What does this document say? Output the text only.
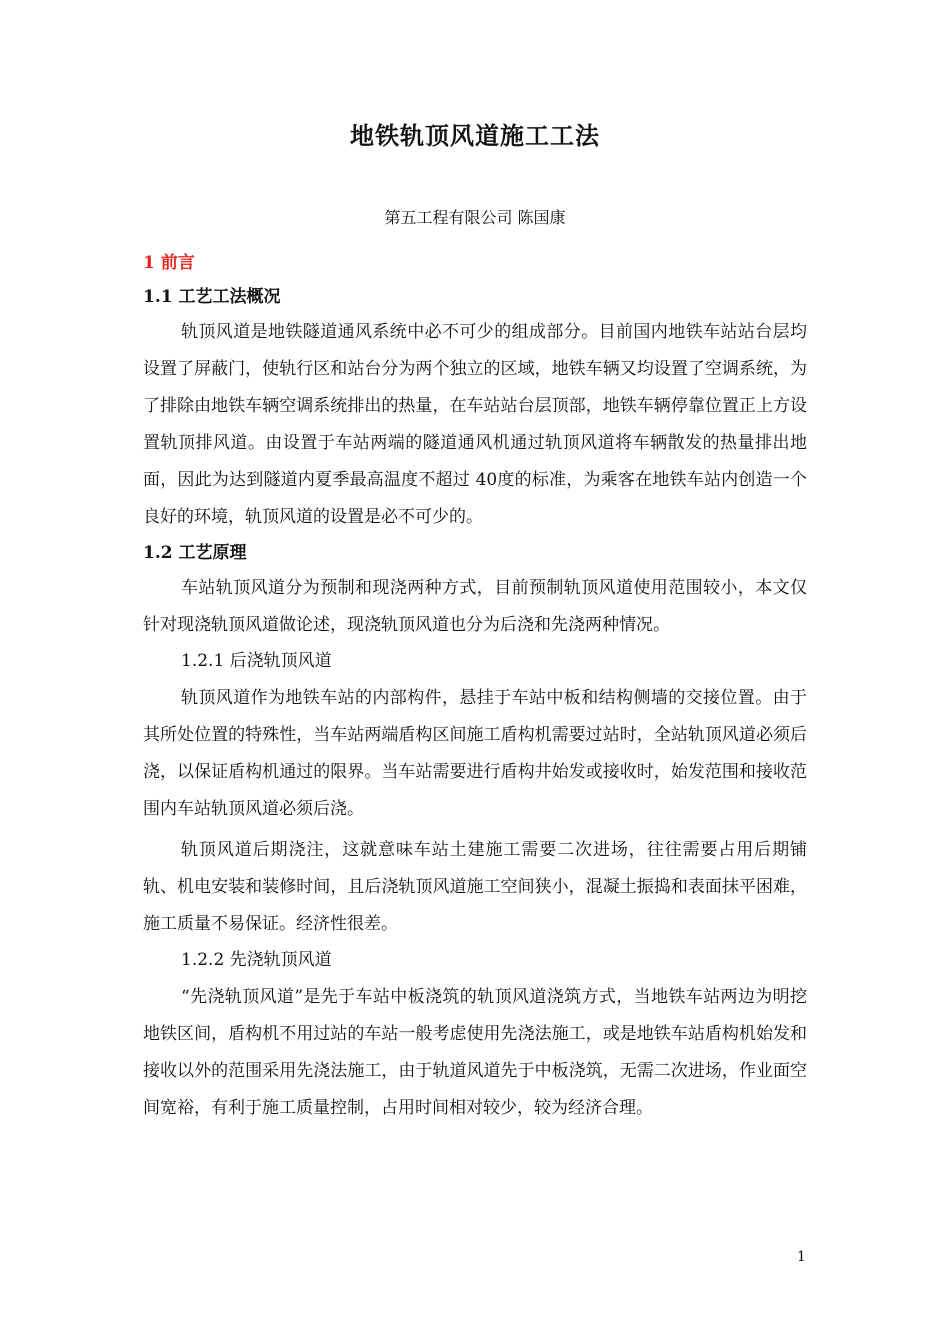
地铁轨顶风道施工工法

第五工程有限公司 陈国康

1 前言
1.1 工艺工法概况

轨顶风道是地铁隧道通风系统中必不可少的组成部分。目前国内地铁车站站台层均设置了屏蔽门，使轨行区和站台分为两个独立的区域，地铁车辆又均设置了空调系统，为了排除由地铁车辆空调系统排出的热量，在车站站台层顶部，地铁车辆停靠位置正上方设置轨顶排风道。由设置于车站两端的隧道通风机通过轨顶风道将车辆散发的热量排出地面，因此为达到隧道内夏季最高温度不超过 40度的标准，为乘客在地铁车站内创造一个良好的环境，轨顶风道的设置是必不可少的。

1.2 工艺原理

车站轨顶风道分为预制和现浇两种方式，目前预制轨顶风道使用范围较小，本文仅针对现浇轨顶风道做论述，现浇轨顶风道也分为后浇和先浇两种情况。

1.2.1 后浇轨顶风道

轨顶风道作为地铁车站的内部构件，悬挂于车站中板和结构侧墙的交接位置。由于其所处位置的特殊性，当车站两端盾构区间施工盾构机需要过站时，全站轨顶风道必须后浇，以保证盾构机通过的限界。当车站需要进行盾构井始发或接收时，始发范围和接收范围内车站轨顶风道必须后浇。

轨顶风道后期浇注，这就意味车站土建施工需要二次进场，往往需要占用后期铺轨、机电安装和装修时间，且后浇轨顶风道施工空间狭小，混凝土振捣和表面抹平困难，施工质量不易保证。经济性很差。

1.2.2 先浇轨顶风道

“先浇轨顶风道”是先于车站中板浇筑的轨顶风道浇筑方式，当地铁车站两边为明挖地铁区间，盾构机不用过站的车站一般考虑使用先浇法施工，或是地铁车站盾构机始发和接收以外的范围采用先浇法施工，由于轨道风道先于中板浇筑，无需二次进场，作业面空间宽裕，有利于施工质量控制，占用时间相对较少，较为经济合理。

1
